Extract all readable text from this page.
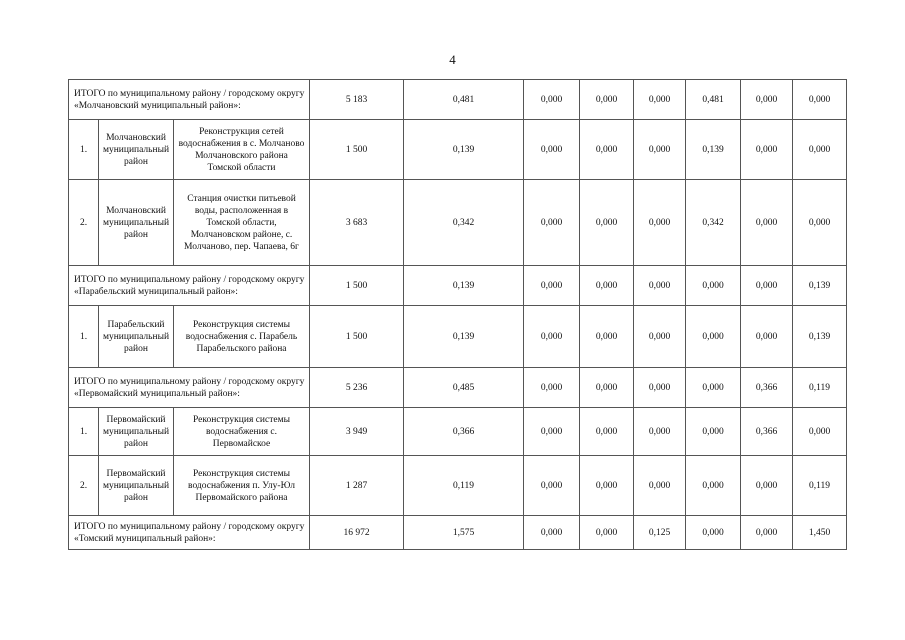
4
ИТОГО по муниципальному району / городскому округу «Молчановский муниципальный район»:			5 183	0,481	0,000	0,000	0,000	0,481	0,000	0,000
1.	Молчановский муниципальный район	Реконструкция сетей водоснабжения в с. Молчаново Молчановского района Томской области	1 500	0,139	0,000	0,000	0,000	0,139	0,000	0,000
2.	Молчановский муниципальный район	Станция очистки питьевой воды, расположенная в Томской области, Молчановском районе, с. Молчаново, пер. Чапаева, 6г	3 683	0,342	0,000	0,000	0,000	0,342	0,000	0,000
ИТОГО по муниципальному району / городскому округу «Парабельский муниципальный район»:			1 500	0,139	0,000	0,000	0,000	0,000	0,000	0,139
1.	Парабельский муниципальный район	Реконструкция системы водоснабжения с. Парабель Парабельского района	1 500	0,139	0,000	0,000	0,000	0,000	0,000	0,139
ИТОГО по муниципальному району / городскому округу «Первомайский муниципальный район»:			5 236	0,485	0,000	0,000	0,000	0,000	0,366	0,119
1.	Первомайский муниципальный район	Реконструкция системы водоснабжения с. Первомайское	3 949	0,366	0,000	0,000	0,000	0,000	0,366	0,000
2.	Первомайский муниципальный район	Реконструкция системы водоснабжения п. Улу-Юл Первомайского района	1 287	0,119	0,000	0,000	0,000	0,000	0,000	0,119
ИТОГО по муниципальному району / городскому округу «Томский муниципальный район»:			16 972	1,575	0,000	0,000	0,125	0,000	0,000	1,450
